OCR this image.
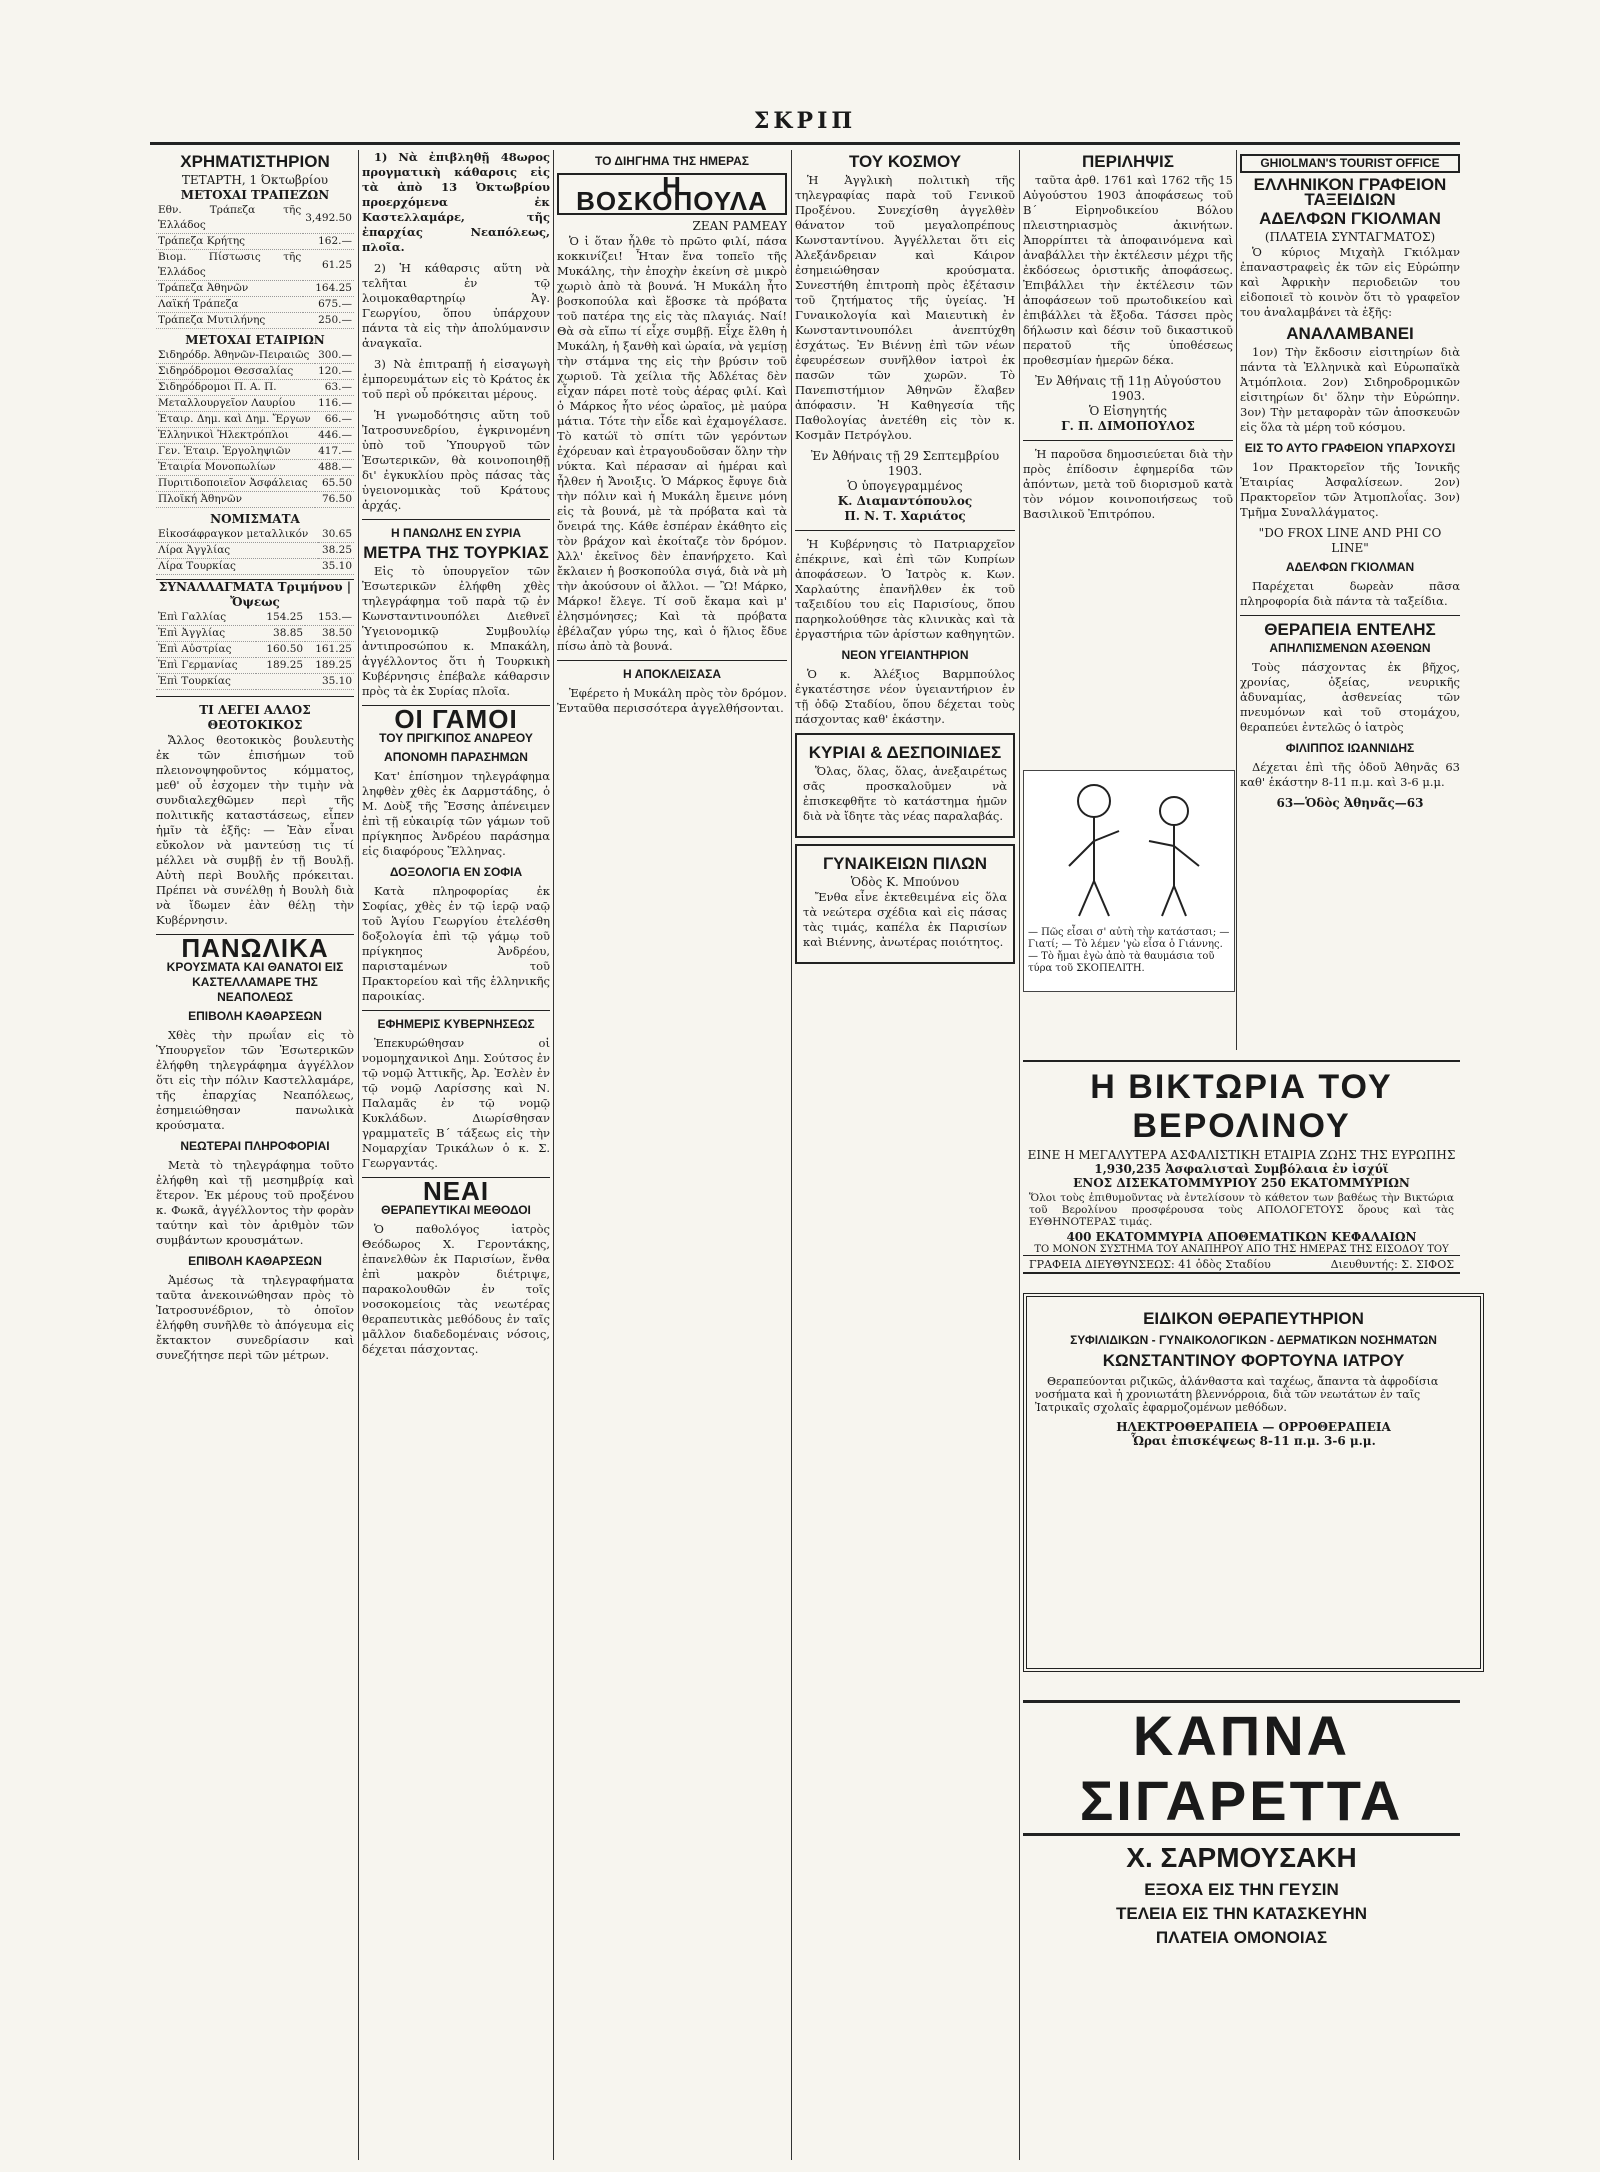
ΣΚΡΙΠ
ΧΡΗΜΑΤΙΣΤΗΡΙΟΝ
ΤΕΤΑΡΤΗ, 1 Όκτωβρίου
ΜΕΤΟΧΑΙ ΤΡΑΠΕΖΩΝ
Εθν. Τράπεζα τῆς Ἑλλάδος	3,492.50
Τράπεζα Κρήτης	162.—
Βιομ. Πίστωσις τῆς Ἑλλάδος	61.25
Τράπεζα Ἀθηνῶν	164.25
Λαϊκή Τράπεζα	675.—
Τράπεζα Μυτιλήνης	250.—
ΜΕΤΟΧΑΙ ΕΤΑΙΡΙΩΝ
Σιδηρόδρ. Ἀθηνῶν-Πειραιῶς	300.—
Σιδηρόδρομοι Θεσσαλίας	120.—
Σιδηρόδρομοι Π. Α. Π.	63.—
Μεταλλουργεῖον Λαυρίου	116.—
Ἐταιρ. Δημ. καὶ Δημ. Ἔργων	66.—
Ἑλληνικοὶ Ἠλεκτρόπλοι	446.—
Γεν. Ἐταιρ. Ἐργοληψιῶν	417.—
Ἐταιρία Μονοπωλίων	488.—
Πυριτιδοποιεῖον Ἀσφάλειας	65.50
Πλοϊκή Ἀθηνῶν	76.50
ΝΟΜΙΣΜΑΤΑ
Εἰκοσάφραγκον μεταλλικόν	30.65
Λίρα Ἀγγλίας	38.25
Λίρα Τουρκίας	35.10
ΣΥΝΑΛΛΑΓΜΑΤΑ Τριμήνου | Ὄψεως
Ἐπὶ Γαλλίας	154.25	153.—
Ἐπὶ Ἀγγλίας	38.85	38.50
Ἐπὶ Αὐστρίας	160.50	161.25
Ἐπὶ Γερμανίας	189.25	189.25
Ἐπὶ Τουρκίας		35.10
ΤΙ ΛΕΓΕΙ ΑΛΛΟΣ ΘΕΟΤΟΚΙΚΟΣ

Ἄλλος θεοτοκικὸς βουλευτὴς ἐκ τῶν ἐπισήμων τοῦ πλειονοψηφοῦντος κόμματος, μεθ' οὗ ἐσχομεν τὴν τιμὴν νὰ συνδιαλεχθῶμεν περὶ τῆς πολιτικῆς καταστάσεως, εἶπεν ἡμῖν τὰ ἑξῆς: — Ἐὰν εἶναι εὔκολον νὰ μαντεύσῃ τις τί μέλλει νὰ συμβῇ ἐν τῇ Βουλῇ. Αὐτὴ περὶ Βουλῆς πρόκειται. Πρέπει νὰ συνέλθῃ ἡ Βουλὴ διὰ νὰ ἴδωμεν ἐὰν θέλῃ τὴν Κυβέρνησιν.

ΠΑΝΩΛΙΚΑ
ΚΡΟΥΣΜΑΤΑ ΚΑΙ ΘΑΝΑΤΟΙ ΕΙΣ ΚΑΣΤΕΛΛΑΜΑΡΕ ΤΗΣ ΝΕΑΠΟΛΕΩΣ
ΕΠΙΒΟΛΗ ΚΑΘΑΡΣΕΩΝ

Χθὲς τὴν πρωΐαν εἰς τὸ Ὑπουργεῖον τῶν Ἐσωτερικῶν ἐλήφθη τηλεγράφημα ἀγγέλλον ὅτι εἰς τὴν πόλιν Καστελλαμάρε, τῆς ἐπαρχίας Νεαπόλεως, ἐσημειώθησαν πανωλικὰ κρούσματα.

ΝΕΩΤΕΡΑΙ ΠΛΗΡΟΦΟΡΙΑΙ

Μετὰ τὸ τηλεγράφημα τοῦτο ἐλήφθη καὶ τῇ μεσημβρίᾳ καὶ ἕτερον. Ἐκ μέρους τοῦ προξένου κ. Φωκᾶ, ἀγγέλλοντος τὴν φορὰν ταύτην καὶ τὸν ἀριθμὸν τῶν συμβάντων κρουσμάτων.

ΕΠΙΒΟΛΗ ΚΑΘΑΡΣΕΩΝ

Ἀμέσως τὰ τηλεγραφήματα ταῦτα ἀνεκοινώθησαν πρὸς τὸ Ἰατροσυνέδριον, τὸ ὁποῖον ἐλήφθη συνῆλθε τὸ ἀπόγευμα εἰς ἔκτακτον συνεδρίασιν καὶ συνεζήτησε περὶ τῶν μέτρων.

1) Νὰ ἐπιβληθῇ 48ωρος προγματικὴ κάθαρσις εἰς τὰ ἀπὸ 13 Ὀκτωβρίου προερχόμενα ἐκ Καστελλαμάρε, τῆς ἐπαρχίας Νεαπόλεως, πλοῖα.

2) Ἡ κάθαρσις αὕτη νὰ τελῆται ἐν τῷ λοιμοκαθαρτηρίῳ Ἁγ. Γεωργίου, ὅπου ὑπάρχουν πάντα τὰ εἰς τὴν ἀπολύμανσιν ἀναγκαῖα.

3) Νὰ ἐπιτραπῇ ἡ εἰσαγωγὴ ἐμπορευμάτων εἰς τὸ Κράτος ἐκ τοῦ περὶ οὗ πρόκειται μέρους.

Ἡ γνωμοδότησις αὕτη τοῦ Ἰατροσυνεδρίου, ἐγκρινομένη ὑπὸ τοῦ Ὑπουργοῦ τῶν Ἐσωτερικῶν, θὰ κοινοποιηθῇ δι' ἐγκυκλίου πρὸς πάσας τὰς ὑγειονομικὰς τοῦ Κράτους ἀρχάς.

Η ΠΑΝΩΛΗΣ ΕΝ ΣΥΡΙΑ
ΜΕΤΡΑ ΤΗΣ ΤΟΥΡΚΙΑΣ

Εἰς τὸ ὑπουργεῖον τῶν Ἐσωτερικῶν ἐλήφθη χθὲς τηλεγράφημα τοῦ παρὰ τῷ ἐν Κωνσταντινουπόλει Διεθνεῖ Ὑγειονομικῷ Συμβουλίῳ ἀντιπροσώπου κ. Μπακάλη, ἀγγέλλοντος ὅτι ἡ Τουρκικὴ Κυβέρνησις ἐπέβαλε κάθαρσιν πρὸς τὰ ἐκ Συρίας πλοῖα.

ΟΙ ΓΑΜΟΙ
ΤΟΥ ΠΡΙΓΚΙΠΟΣ ΑΝΔΡΕΟΥ
ΑΠΟΝΟΜΗ ΠΑΡΑΣΗΜΩΝ

Κατ' ἐπίσημον τηλεγράφημα ληφθὲν χθὲς ἐκ Δαρμστάδης, ὁ Μ. Δοὺξ τῆς Ἔσσης ἀπένειμεν ἐπὶ τῇ εὐκαιρίᾳ τῶν γάμων τοῦ πρίγκηπος Ἀνδρέου παράσημα εἰς διαφόρους Ἕλληνας.

ΔΟΞΟΛΟΓΙΑ ΕΝ ΣΟΦΙΑ

Κατὰ πληροφορίας ἐκ Σοφίας, χθὲς ἐν τῷ ἱερῷ ναῷ τοῦ Ἁγίου Γεωργίου ἐτελέσθη δοξολογία ἐπὶ τῷ γάμῳ τοῦ πρίγκηπος Ἀνδρέου, παρισταμένων τοῦ Πρακτορείου καὶ τῆς ἑλληνικῆς παροικίας.

ΕΦΗΜΕΡΙΣ ΚΥΒΕΡΝΗΣΕΩΣ

Ἐπεκυρώθησαν οἱ νομομηχανικοὶ Δημ. Σούτσος ἐν τῷ νομῷ Ἀττικῆς, Ἀρ. Ἐσλὲν ἐν τῷ νομῷ Λαρίσσης καὶ Ν. Παλαμᾶς ἐν τῷ νομῷ Κυκλάδων. Διωρίσθησαν γραμματεῖς Β΄ τάξεως εἰς τὴν Νομαρχίαν Τρικάλων ὁ κ. Σ. Γεωργαντάς.

ΝΕΑΙ
ΘΕΡΑΠΕΥΤΙΚΑΙ ΜΕΘΟΔΟΙ

Ὁ παθολόγος ἰατρὸς Θεόδωρος Χ. Γεροντάκης, ἐπανελθὼν ἐκ Παρισίων, ἔνθα ἐπὶ μακρὸν διέτριψε, παρακολουθῶν ἐν τοῖς νοσοκομείοις τὰς νεωτέρας θεραπευτικὰς μεθόδους ἐν ταῖς μᾶλλον διαδεδομέναις νόσοις, δέχεται πάσχοντας.

ΤΟ ΔΙΗΓΗΜΑ ΤΗΣ ΗΜΕΡΑΣ
Η ΒΟΣΚΟΠΟΥΛΑ
ΖΕΑΝ ΡΑΜΕΑΥ

Ὁ ἰ ὅταν ἦλθε τὸ πρῶτο φιλί, πάσα κοκκινίζει! Ἦταν ἕνα τοπεῖο τῆς Μυκάλης, τὴν ἐποχὴν ἐκείνη σὲ μικρὸ χωριὸ ἀπὸ τὰ βουνά. Ἡ Μυκάλη ἦτο βοσκοπούλα καὶ ἔβοσκε τὰ πρόβατα τοῦ πατέρα της εἰς τὰς πλαγιάς. Ναί! Θὰ σὰ εἴπω τί εἶχε συμβῇ. Εἶχε ἔλθη ἡ Μυκάλη, ἡ ξανθὴ καὶ ὡραία, νὰ γεμίσῃ τὴν στάμνα της εἰς τὴν βρύσιν τοῦ χωριοῦ. Τὰ χείλια τῆς Ἀδλέτας δὲν εἶχαν πάρει ποτὲ τοὺς ἀέρας φιλί. Καὶ ὁ Μάρκος ἦτο νέος ὡραῖος, μὲ μαύρα μάτια. Τότε τὴν εἶδε καὶ ἐχαμογέλασε. Τὸ κατώϊ τὸ σπίτι τῶν γερόντων ἐχόρευαν καὶ ἐτραγουδοῦσαν ὅλην τὴν νύκτα. Καὶ πέρασαν αἱ ἡμέραι καὶ ἦλθεν ἡ Ἄνοιξις. Ὁ Μάρκος ἔφυγε διὰ τὴν πόλιν καὶ ἡ Μυκάλη ἔμεινε μόνη εἰς τὰ βουνά, μὲ τὰ πρόβατα καὶ τὰ ὄνειρά της. Κάθε ἑσπέραν ἐκάθητο εἰς τὸν βράχον καὶ ἐκοίταζε τὸν δρόμον. Ἀλλ' ἐκεῖνος δὲν ἐπανήρχετο. Καὶ ἔκλαιεν ἡ βοσκοπούλα σιγά, διὰ νὰ μὴ τὴν ἀκούσουν οἱ ἄλλοι. — Ὢ! Μάρκο, Μάρκο! ἔλεγε. Τί σοῦ ἔκαμα καὶ μ' ἐλησμόνησες; Καὶ τὰ πρόβατα ἐβέλαζαν γύρω της, καὶ ὁ ἥλιος ἔδυε πίσω ἀπὸ τὰ βουνά.

Η ΑΠΟΚΛΕΙΣΑΣΑ

Ἐφέρετο ἡ Μυκάλη πρὸς τὸν δρόμον. Ἐνταῦθα περισσότερα ἀγγελθήσονται.

ΤΟΥ ΚΟΣΜΟΥ

Ἡ Ἀγγλικὴ πολιτικὴ τῆς τηλεγραφίας παρὰ τοῦ Γενικοῦ Προξένου. Συνεχίσθη ἀγγελθὲν θάνατον τοῦ μεγαλοπρέπους Κωνσταντίνου. Ἀγγέλλεται ὅτι εἰς Ἀλεξάνδρειαν καὶ Κάιρον ἐσημειώθησαν κρούσματα. Συνεστήθη ἐπιτροπὴ πρὸς ἐξέτασιν τοῦ ζητήματος τῆς ὑγείας. Ἡ Γυναικολογία καὶ Μαιευτικὴ ἐν Κωνσταντινουπόλει ἀνεπτύχθη ἐσχάτως. Ἐν Βιέννῃ ἐπὶ τῶν νέων ἐφευρέσεων συνῆλθον ἰατροὶ ἐκ πασῶν τῶν χωρῶν. Τὸ Πανεπιστήμιον Ἀθηνῶν ἔλαβεν ἀπόφασιν. Ἡ Καθηγεσία τῆς Παθολογίας ἀνετέθη εἰς τὸν κ. Κοσμᾶν Πετρόγλου.

Ἐν Ἀθήναις τῇ 29 Σεπτεμβρίου 1903.
Ὁ ὑπογεγραμμένος
Κ. Διαμαντόπουλος
Π. Ν. Τ. Χαριάτος

Ἡ Κυβέρνησις τὸ Πατριαρχεῖον ἐπέκρινε, καὶ ἐπὶ τῶν Κυπρίων ἀποφάσεων. Ὁ Ἰατρὸς κ. Κων. Χαρλαύτης ἐπανῆλθεν ἐκ τοῦ ταξειδίου του εἰς Παρισίους, ὅπου παρηκολούθησε τὰς κλινικὰς καὶ τὰ ἐργαστήρια τῶν ἀρίστων καθηγητῶν.

ΝΕΟΝ ΥΓΕΙΑΝΤΗΡΙΟΝ

Ὁ κ. Ἀλέξιος Βαρμπούλος ἐγκατέστησε νέον ὑγειαντήριον ἐν τῇ ὁδῷ Σταδίου, ὅπου δέχεται τοὺς πάσχοντας καθ' ἑκάστην.

ΚΥΡΙΑΙ & ΔΕΣΠΟΙΝΙΔΕΣ

Ὅλας, ὅλας, ὅλας, ἀνεξαιρέτως σᾶς προσκαλοῦμεν νὰ ἐπισκεφθῆτε τὸ κατάστημα ἡμῶν διὰ νὰ ἴδητε τὰς νέας παραλαβάς.

ΓΥΝΑΙΚΕΙΩΝ ΠΙΛΩΝ
Ὁδὸς Κ. Μπούνου

Ἔνθα εἶνε ἐκτεθειμένα εἰς ὅλα τὰ νεώτερα σχέδια καὶ εἰς πάσας τὰς τιμάς, καπέλα ἐκ Παρισίων καὶ Βιέννης, ἀνωτέρας ποιότητος.

ΠΕΡΙΛΗΨΙΣ

ταῦτα ἀρθ. 1761 καὶ 1762 τῆς 15 Αὐγούστου 1903 ἀποφάσεως τοῦ Β΄ Εἰρηνοδικείου Βόλου πλειστηριασμὸς ἀκινήτων. Ἀπορρίπτει τὰ ἀποφαινόμενα καὶ ἀναβάλλει τὴν ἐκτέλεσιν μέχρι τῆς ἐκδόσεως ὁριστικῆς ἀποφάσεως. Ἐπιβάλλει τὴν ἐκτέλεσιν τῶν ἀποφάσεων τοῦ πρωτοδικείου καὶ ἐπιβάλλει τὰ ἔξοδα. Τάσσει πρὸς δήλωσιν καὶ δέσιν τοῦ δικαστικοῦ περατοῦ τῆς ὑποθέσεως προθεσμίαν ἡμερῶν δέκα.

Ἐν Ἀθήναις τῇ 11ῃ Αὐγούστου 1903.
Ὁ Εἰσηγητής
Γ. Π. ΔΙΜΟΠΟΥΛΟΣ

Ἡ παροῦσα δημοσιεύεται διὰ τὴν πρὸς ἐπίδοσιν ἐφημερίδα τῶν ἀπόντων, μετὰ τοῦ διορισμοῦ κατὰ τὸν νόμον κοινοποιήσεως τοῦ Βασιλικοῦ Ἐπιτρόπου.

— Πῶς εἶσαι σ' αὐτὴ τὴν κατάστασι; — Γιατί; — Τὸ λέμεν 'γὼ εἶσα ὁ Γιάννης. — Τὸ ἤμαι ἐγὼ ἀπὸ τὰ θαυμάσια τοῦ τύρα τοῦ ΣΚΟΠΕΛΙΤΗ.
GHIOLMAN'S TOURIST OFFICE
ΕΛΛΗΝΙΚΟΝ ΓΡΑΦΕΙΟΝ ΤΑΞΕΙΔΙΩΝ
ΑΔΕΛΦΩΝ ΓΚΙΟΛΜΑΝ
(ΠΛΑΤΕΙΑ ΣΥΝΤΑΓΜΑΤΟΣ)

Ὁ κύριος Μιχαὴλ Γκιόλμαν ἐπαναστραφεὶς ἐκ τῶν εἰς Εὐρώπην καὶ Ἀφρικὴν περιοδειῶν του εἰδοποιεῖ τὸ κοινὸν ὅτι τὸ γραφεῖον του ἀναλαμβάνει τὰ ἑξῆς:

ΑΝΑΛΑΜΒΑΝΕΙ

1ον) Τὴν ἔκδοσιν εἰσιτηρίων διὰ πάντα τὰ Ἑλληνικὰ καὶ Εὐρωπαϊκὰ Ἀτμόπλοια. 2ον) Σιδηροδρομικῶν εἰσιτηρίων δι' ὅλην τὴν Εὐρώπην. 3ον) Τὴν μεταφορὰν τῶν ἀποσκευῶν εἰς ὅλα τὰ μέρη τοῦ κόσμου.

ΕΙΣ ΤΟ ΑΥΤΟ ΓΡΑΦΕΙΟΝ ΥΠΑΡΧΟΥΣΙ

1ον Πρακτορεῖον τῆς Ἰονικῆς Ἑταιρίας Ἀσφαλίσεων. 2ον) Πρακτορεῖον τῶν Ἀτμοπλοΐας. 3ον) Τμῆμα Συναλλάγματος.

"DO FROX LINE AND PHI CO LINE"
ΑΔΕΛΦΩΝ ΓΚΙΟΛΜΑΝ

Παρέχεται δωρεὰν πᾶσα πληροφορία διὰ πάντα τὰ ταξείδια.

ΘΕΡΑΠΕΙΑ ΕΝΤΕΛΗΣ
ΑΠΗΛΠΙΣΜΕΝΩΝ ΑΣΘΕΝΩΝ

Τοὺς πάσχοντας ἐκ βῆχος, χρονίας, ὀξείας, νευρικῆς ἀδυναμίας, ἀσθενείας τῶν πνευμόνων καὶ τοῦ στομάχου, θεραπεύει ἐντελῶς ὁ ἰατρὸς

ΦΙΛΙΠΠΟΣ ΙΩΑΝΝΙΔΗΣ

Δέχεται ἐπὶ τῆς ὁδοῦ Ἀθηνᾶς 63 καθ' ἑκάστην 8-11 π.μ. καὶ 3-6 μ.μ.

63—Ὁδὸς Ἀθηνᾶς—63
Η ΒΙΚΤΩΡΙΑ ΤΟΥ ΒΕΡΟΛΙΝΟΥ
ΕΙΝΕ Η ΜΕΓΑΛΥΤΕΡΑ ΑΣΦΑΛΙΣΤΙΚΗ ΕΤΑΙΡΙΑ ΖΩΗΣ ΤΗΣ ΕΥΡΩΠΗΣ
1,930,235 Ἀσφαλισταὶ Συμβόλαια ἐν ἰσχύϊ
ΕΝΟΣ ΔΙΣΕΚΑΤΟΜΜΥΡΙΟΥ 250 ΕΚΑΤΟΜΜΥΡΙΩΝ
Ὅλοι τοὺς ἐπιθυμοῦντας νὰ ἐντελίσουν τὸ κάθετον των βαθέως τὴν Βικτώρια τοῦ Βερολίνου προσφέρουσα τοὺς ΑΠΟΛΟΓΕΤΟΥΣ ὅρους καὶ τὰς ΕΥΘΗΝΟΤΕΡΑΣ τιμάς.
400 ΕΚΑΤΟΜΜΥΡΙΑ ΑΠΟΘΕΜΑΤΙΚΩΝ ΚΕΦΑΛΑΙΩΝ
ΤΟ ΜΟΝΟΝ ΣΥΣΤΗΜΑ ΤΟΥ ΑΝΑΠΗΡΟΥ ΑΠΟ ΤΗΣ ΗΜΕΡΑΣ ΤΗΣ ΕΙΣΟΔΟΥ ΤΟΥ
ΓΡΑΦΕΙΑ ΔΙΕΥΘΥΝΣΕΩΣ: 41 ὁδὸς Σταδίου	Διευθυντής: Σ. ΣΙΦΟΣ
ΕΙΔΙΚΟΝ ΘΕΡΑΠΕΥΤΗΡΙΟΝ
ΣΥΦΙΛΙΔΙΚΩΝ - ΓΥΝΑΙΚΟΛΟΓΙΚΩΝ - ΔΕΡΜΑΤΙΚΩΝ ΝΟΣΗΜΑΤΩΝ
ΚΩΝΣΤΑΝΤΙΝΟΥ ΦΟΡΤΟΥΝΑ ΙΑΤΡΟΥ

Θεραπεύονται ριζικῶς, ἀλάνθαστα καὶ ταχέως, ἄπαντα τὰ ἀφροδίσια νοσήματα καὶ ἡ χρονιωτάτη βλεννόρροια, διὰ τῶν νεωτάτων ἐν ταῖς Ἰατρικαῖς σχολαῖς ἐφαρμοζομένων μεθόδων.

ΗΛΕΚΤΡΟΘΕΡΑΠΕΙΑ — ΟΡΡΟΘΕΡΑΠΕΙΑ
Ὧραι ἐπισκέψεως 8-11 π.μ. 3-6 μ.μ.
ΚΑΠΝΑ ΣΙΓΑΡΕΤΤΑ
Χ. ΣΑΡΜΟΥΣΑΚΗ
ΕΞΟΧΑ ΕΙΣ ΤΗΝ ΓΕΥΣΙΝ
ΤΕΛΕΙΑ ΕΙΣ ΤΗΝ ΚΑΤΑΣΚΕΥΗΝ
ΠΛΑΤΕΙΑ ΟΜΟΝΟΙΑΣ
